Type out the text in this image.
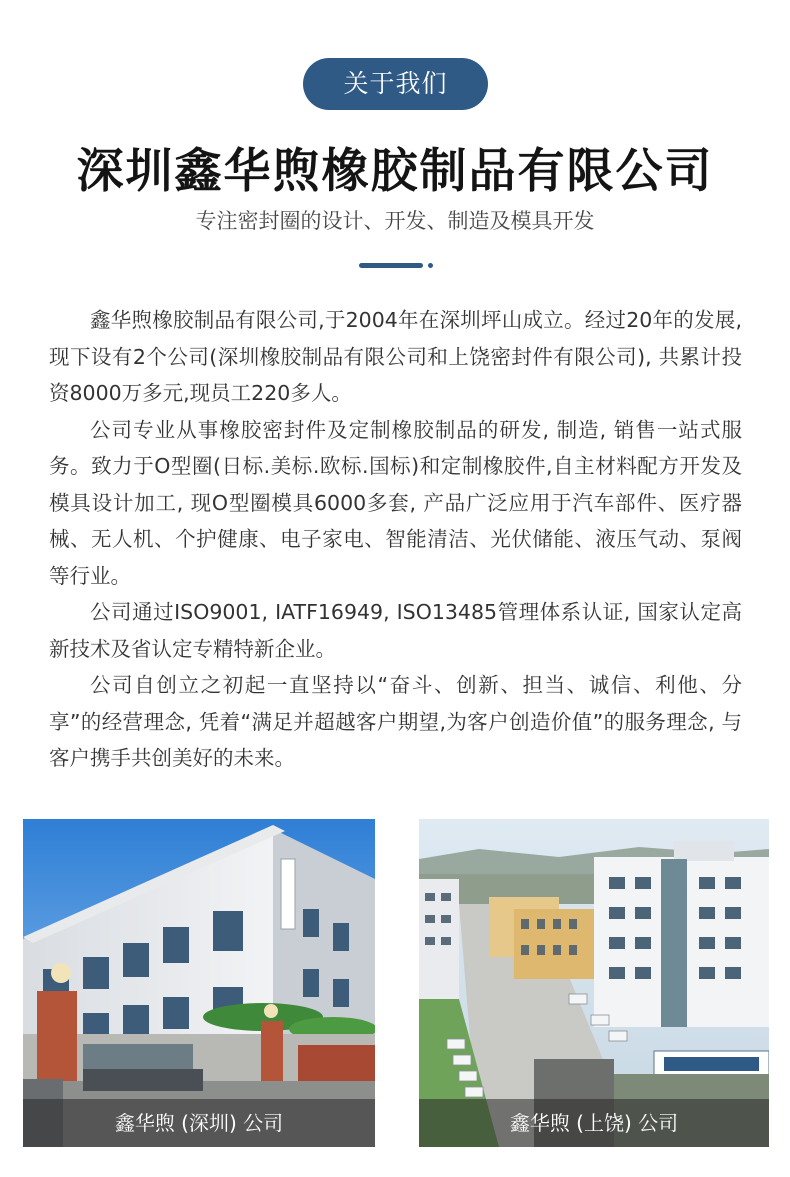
关于我们
深圳鑫华煦橡胶制品有限公司
专注密封圈的设计、开发、制造及模具开发

鑫华煦橡胶制品有限公司,于2004年在深圳坪山成立。经过20年的发展,现下设有2个公司(深圳橡胶制品有限公司和上饶密封件有限公司), 共累计投资8000万多元,现员工220多人。

公司专业从事橡胶密封件及定制橡胶制品的研发, 制造, 销售一站式服务。致力于O型圈(日标.美标.欧标.国标)和定制橡胶件,自主材料配方开发及模具设计加工, 现O型圈模具6000多套, 产品广泛应用于汽车部件、医疗器械、无人机、个护健康、电子家电、智能清洁、光伏储能、液压气动、泵阀等行业。

公司通过ISO9001, IATF16949, ISO13485管理体系认证, 国家认定高新技术及省认定专精特新企业。

公司自创立之初起一直坚持以“奋斗、创新、担当、诚信、利他、分享”的经营理念, 凭着“满足并超越客户期望,为客户创造价值”的服务理念, 与客户携手共创美好的未来。

鑫华煦 (深圳) 公司	鑫华煦 (上饶) 公司
